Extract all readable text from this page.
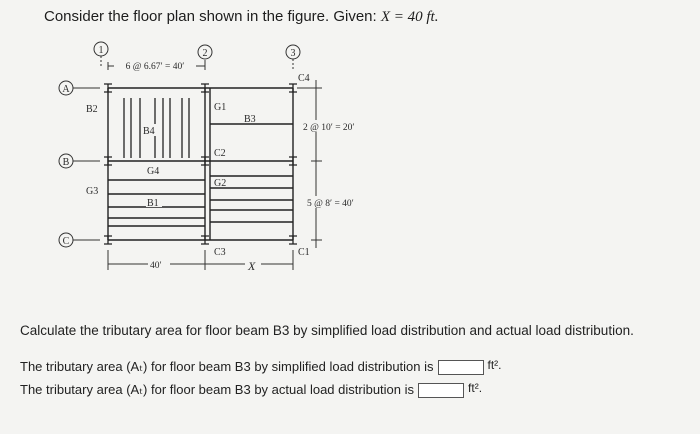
Consider the floor plan shown in the figure. Given: X = 40 ft.
1	2	3
6 @ 6.67′ = 40′
A
B
C
B2
B4
G4
G3
B1
G1
B3
C2
G2
C3
C4
C1
2 @ 10′ = 20′
5 @ 8′ = 40′
40′	X
Calculate the tributary area for floor beam B3 by simplified load distribution and actual load distribution.
The tributary area (Aₜ) for floor beam B3 by simplified load distribution is	ft².
The tributary area (Aₜ) for floor beam B3 by actual load distribution is	ft².
